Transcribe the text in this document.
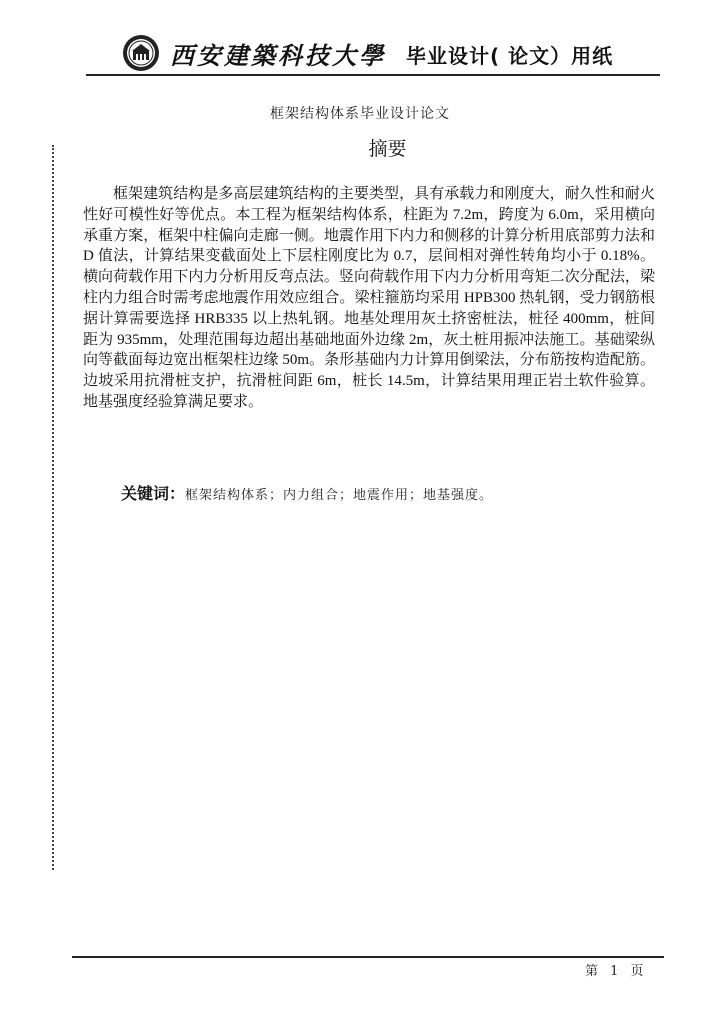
西安建築科技大學 毕业设计( 论文）用纸
框架结构体系毕业设计论文
摘要

框架建筑结构是多高层建筑结构的主要类型，具有承载力和刚度大，耐久性和耐火性好可模性好等优点。本工程为框架结构体系，柱距为 7.2m，跨度为 6.0m，采用横向承重方案，框架中柱偏向走廊一侧。地震作用下内力和侧移的计算分析用底部剪力法和 D 值法，计算结果变截面处上下层柱刚度比为 0.7，层间相对弹性转角均小于 0.18%。横向荷载作用下内力分析用反弯点法。竖向荷载作用下内力分析用弯矩二次分配法，梁柱内力组合时需考虑地震作用效应组合。梁柱箍筋均采用 HPB300 热轧钢，受力钢筋根据计算需要选择 HRB335 以上热轧钢。地基处理用灰土挤密桩法，桩径 400mm，桩间距为 935mm，处理范围每边超出基础地面外边缘 2m，灰土桩用振冲法施工。基础梁纵向等截面每边宽出框架柱边缘 50m。条形基础内力计算用倒梁法，分布筋按构造配筋。边坡采用抗滑桩支护，抗滑桩间距 6m，桩长 14.5m，计算结果用理正岩土软件验算。地基强度经验算满足要求。

关键词：框架结构体系；内力组合；地震作用；地基强度。
第 1 页
